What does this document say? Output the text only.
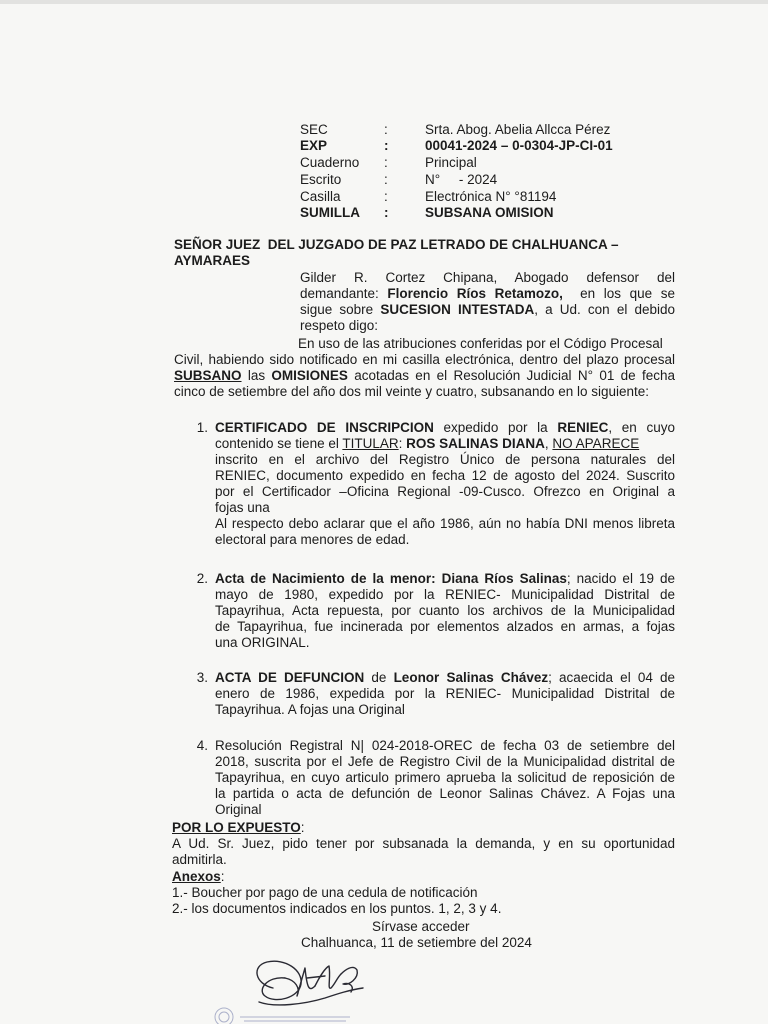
SEC	:	Srta. Abog. Abelia Allcca Pérez
EXP	:	00041-2024 – 0-0304-JP-CI-01
Cuaderno :	Principal
Escrito	:	N°     - 2024
Casilla	:	Electrónica N° °81194
SUMILLA :	SUBSANA OMISION
SEÑOR JUEZ  DEL JUZGADO DE PAZ LETRADO DE CHALHUANCA –
AYMARAES
Gilder R. Cortez Chipana, Abogado defensor del
demandante: Florencio Ríos Retamozo,  en los que se
sigue sobre SUCESION INTESTADA, a Ud. con el debido
respeto digo:
En uso de las atribuciones conferidas por el Código Procesal
Civil, habiendo sido notificado en mi casilla electrónica, dentro del plazo procesal
SUBSANO las OMISIONES acotadas en el Resolución Judicial N° 01 de fecha
cinco de setiembre del año dos mil veinte y cuatro, subsanando en lo siguiente:
1. CERTIFICADO DE INSCRIPCION expedido por la RENIEC, en cuyo
contenido se tiene el TITULAR: ROS SALINAS DIANA, NO APARECE
inscrito en el archivo del Registro Único de persona naturales del
RENIEC, documento expedido en fecha 12 de agosto del 2024. Suscrito
por el Certificador –Oficina Regional -09-Cusco. Ofrezco en Original a
fojas una
Al respecto debo aclarar que el año 1986, aún no había DNI menos libreta
electoral para menores de edad.
2. Acta de Nacimiento de la menor: Diana Ríos Salinas; nacido el 19 de
mayo de 1980, expedido por la RENIEC- Municipalidad Distrital de
Tapayrihua, Acta repuesta, por cuanto los archivos de la Municipalidad
de Tapayrihua, fue incinerada por elementos alzados en armas, a fojas
una ORIGINAL.
3. ACTA DE DEFUNCION de Leonor Salinas Chávez; acaecida el 04 de
enero de 1986, expedida por la RENIEC- Municipalidad Distrital de
Tapayrihua. A fojas una Original
4. Resolución Registral N| 024-2018-OREC de fecha 03 de setiembre del
2018, suscrita por el Jefe de Registro Civil de la Municipalidad distrital de
Tapayrihua, en cuyo articulo primero aprueba la solicitud de reposición de
la partida o acta de defunción de Leonor Salinas Chávez. A Fojas una
Original
POR LO EXPUESTO:
A Ud. Sr. Juez, pido tener por subsanada la demanda, y en su oportunidad
admitirla.
Anexos:
1.- Boucher por pago de una cedula de notificación
2.- los documentos indicados en los puntos. 1, 2, 3 y 4.
Sírvase acceder
Chalhuanca, 11 de setiembre del 2024
